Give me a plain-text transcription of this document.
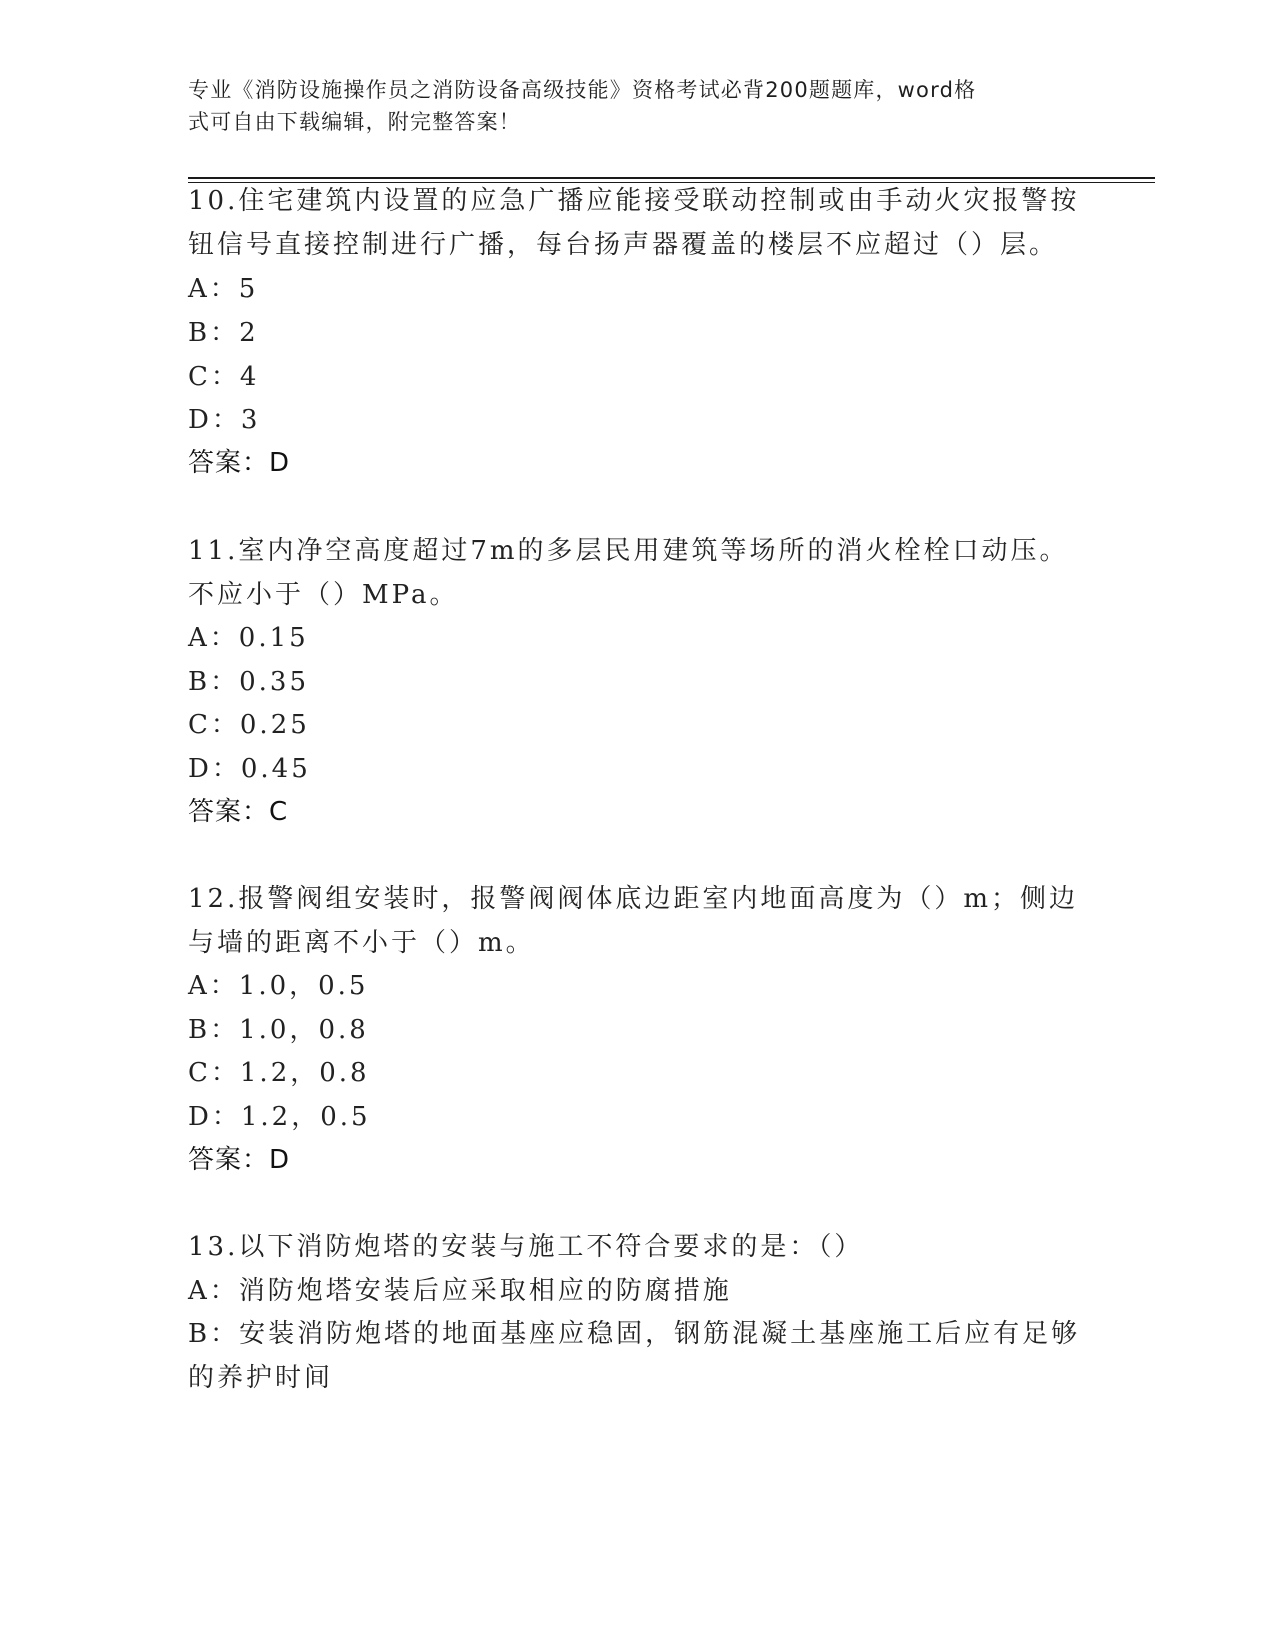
专业《消防设施操作员之消防设备高级技能》资格考试必背200题题库，word格
式可自由下载编辑，附完整答案！
10.住宅建筑内设置的应急广播应能接受联动控制或由手动火灾报警按
钮信号直接控制进行广播，每台扬声器覆盖的楼层不应超过（）层。
A：5
B：2
C：4
D：3
答案：D
11.室内净空高度超过7m的多层民用建筑等场所的消火栓栓口动压。
不应小于（）MPa。
A：0.15
B：0.35
C：0.25
D：0.45
答案：C
12.报警阀组安装时，报警阀阀体底边距室内地面高度为（）m；侧边
与墙的距离不小于（）m。
A：1.0，0.5
B：1.0，0.8
C：1.2，0.8
D：1.2，0.5
答案：D
13.以下消防炮塔的安装与施工不符合要求的是：（）
A：消防炮塔安装后应采取相应的防腐措施
B：安装消防炮塔的地面基座应稳固，钢筋混凝土基座施工后应有足够
的养护时间
